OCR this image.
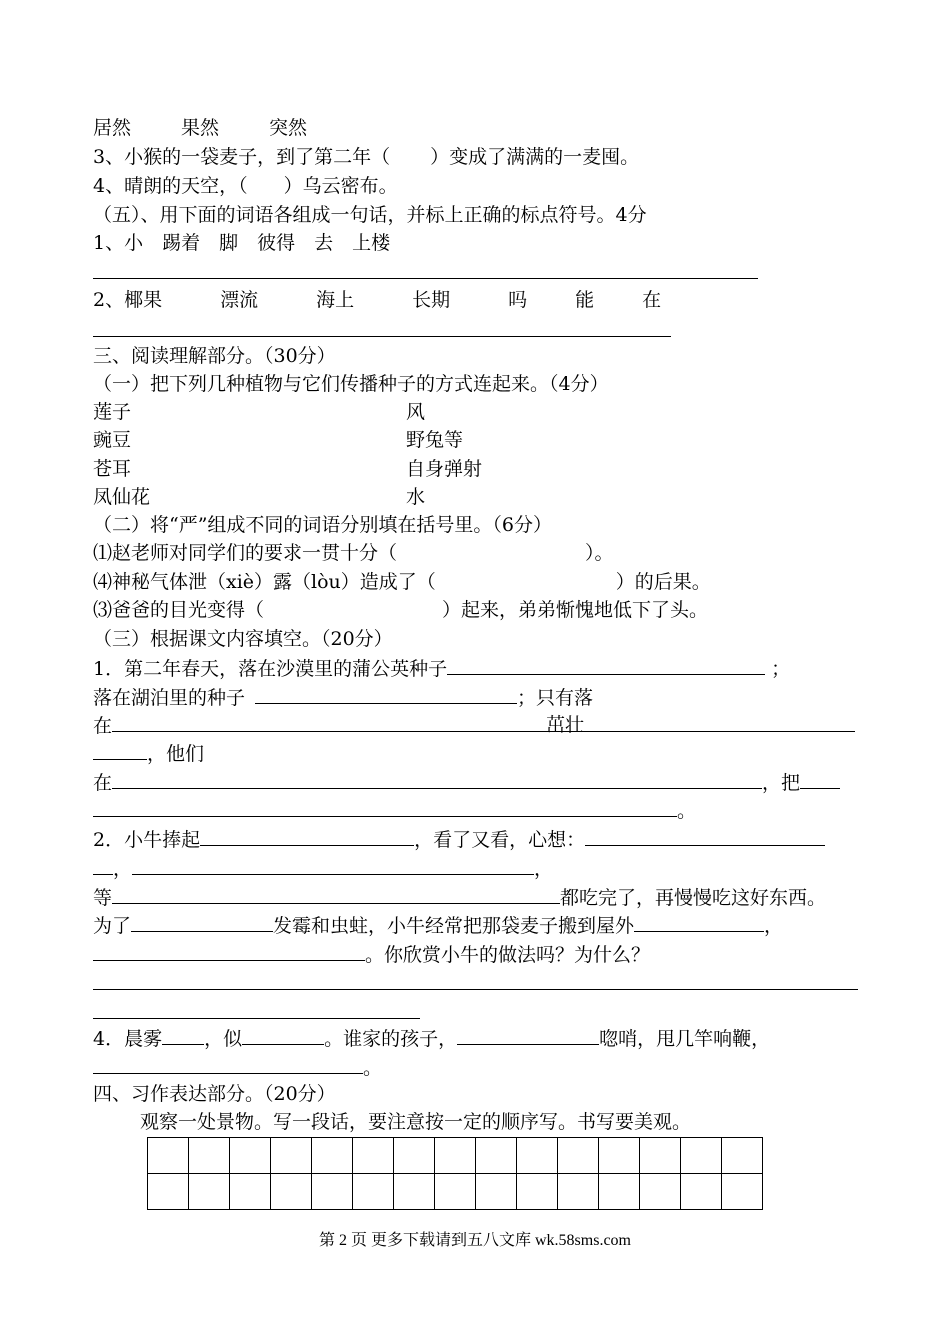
居然	果然	突然
3、小猴的一袋麦子，到了第二年（ ）变成了满满的一麦囤。
4、晴朗的天空，（ ）乌云密布。
（五）、用下面的词语各组成一句话，并标上正确的标点符号。4分
1、小　踢着　脚　彼得　去　上楼
2、椰果	漂流	海上	长期	吗	能	在
三、阅读理解部分。（30分）
（一）把下列几种植物与它们传播种子的方式连起来。（4分）
莲子	风
豌豆	野兔等
苍耳	自身弹射
凤仙花	水
（二）将“严”组成不同的词语分别填在括号里。（6分）
⑴赵老师对同学们的要求一贯十分（	）。
⑷神秘气体泄（xiè）露（lòu）造成了（	）的后果。
⑶爸爸的目光变得（	）起来，弟弟惭愧地低下了头。
（三）根据课文内容填空。（20分）
1．第二年春天，落在沙漠里的蒲公英种子	；
落在湖泊里的种子	；只有落
在	茁壮
，他们
在	，把
。
2．小牛捧起	，看了又看，心想：
，	，
等	都吃完了，再慢慢吃这好东西。
为了	发霉和虫蛀，小牛经常把那袋麦子搬到屋外	，
。你欣赏小牛的做法吗？为什么？
4．晨雾 ，似	。谁家的孩子，	唿哨，甩几竿响鞭，
。
四、习作表达部分。（20分）
观察一处景物。写一段话，要注意按一定的顺序写。书写要美观。

第 2 页 更多下载请到五八文库 wk.58sms.com
